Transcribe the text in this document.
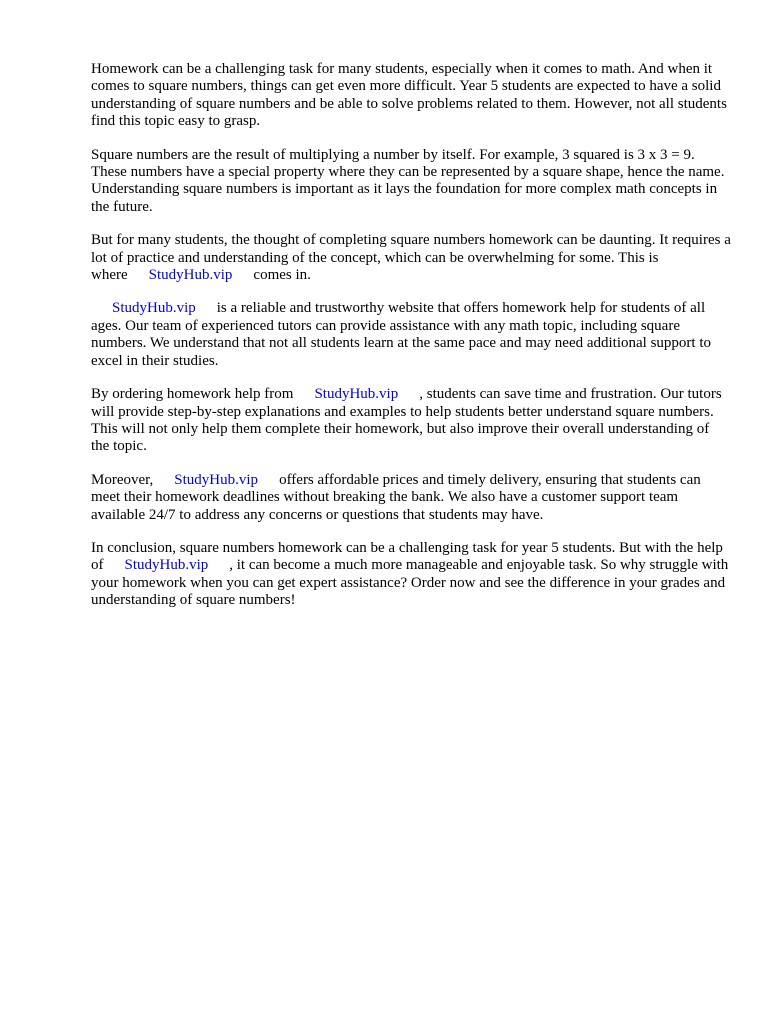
Homework can be a challenging task for many students, especially when it comes to math. And when it comes to square numbers, things can get even more difficult. Year 5 students are expected to have a solid understanding of square numbers and be able to solve problems related to them. However, not all students find this topic easy to grasp.

Square numbers are the result of multiplying a number by itself. For example, 3 squared is 3 x 3 = 9. These numbers have a special property where they can be represented by a square shape, hence the name. Understanding square numbers is important as it lays the foundation for more complex math concepts in the future.

But for many students, the thought of completing square numbers homework can be daunting. It requires a lot of practice and understanding of the concept, which can be overwhelming for some. This is where StudyHub.vip comes in.

StudyHub.vip is a reliable and trustworthy website that offers homework help for students of all ages. Our team of experienced tutors can provide assistance with any math topic, including square numbers. We understand that not all students learn at the same pace and may need additional support to excel in their studies.

By ordering homework help from StudyHub.vip , students can save time and frustration. Our tutors will provide step-by-step explanations and examples to help students better understand square numbers. This will not only help them complete their homework, but also improve their overall understanding of the topic.

Moreover, StudyHub.vip offers affordable prices and timely delivery, ensuring that students can meet their homework deadlines without breaking the bank. We also have a customer support team available 24/7 to address any concerns or questions that students may have.

In conclusion, square numbers homework can be a challenging task for year 5 students. But with the help of StudyHub.vip , it can become a much more manageable and enjoyable task. So why struggle with your homework when you can get expert assistance? Order now and see the difference in your grades and understanding of square numbers!
